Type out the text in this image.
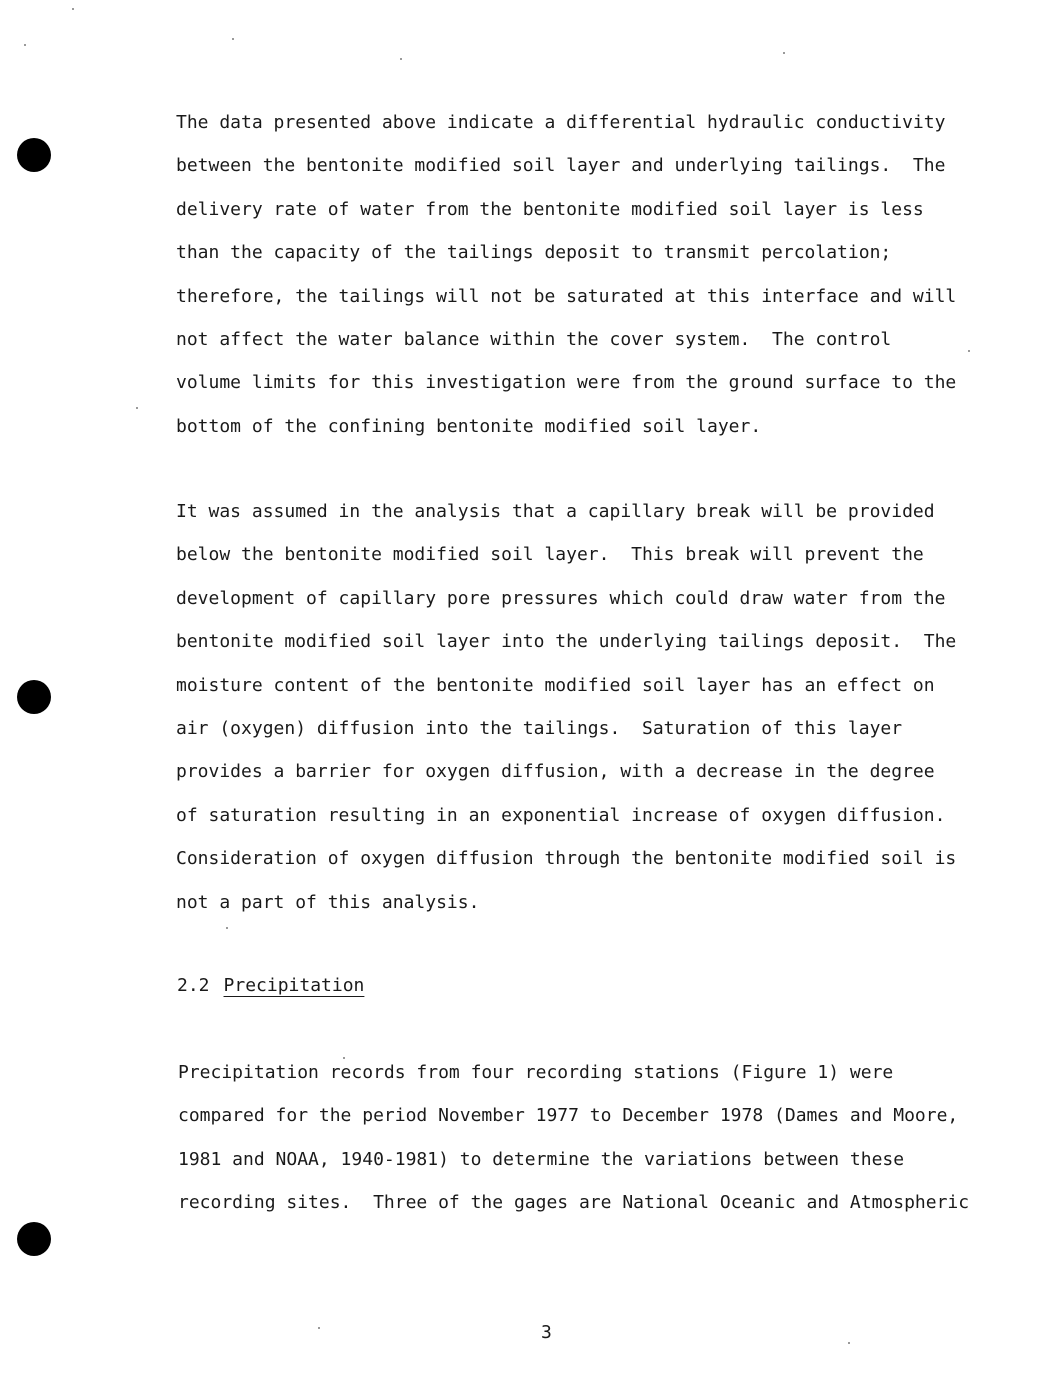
The data presented above indicate a differential hydraulic conductivity
between the bentonite modified soil layer and underlying tailings.  The
delivery rate of water from the bentonite modified soil layer is less
than the capacity of the tailings deposit to transmit percolation;
therefore, the tailings will not be saturated at this interface and will
not affect the water balance within the cover system.  The control
volume limits for this investigation were from the ground surface to the
bottom of the confining bentonite modified soil layer.
It was assumed in the analysis that a capillary break will be provided
below the bentonite modified soil layer.  This break will prevent the
development of capillary pore pressures which could draw water from the
bentonite modified soil layer into the underlying tailings deposit.  The
moisture content of the bentonite modified soil layer has an effect on
air (oxygen) diffusion into the tailings.  Saturation of this layer
provides a barrier for oxygen diffusion, with a decrease in the degree
of saturation resulting in an exponential increase of oxygen diffusion.
Consideration of oxygen diffusion through the bentonite modified soil is
not a part of this analysis.
2.2 Precipitation
Precipitation records from four recording stations (Figure 1) were
compared for the period November 1977 to December 1978 (Dames and Moore,
1981 and NOAA, 1940-1981) to determine the variations between these
recording sites.  Three of the gages are National Oceanic and Atmospheric
3
